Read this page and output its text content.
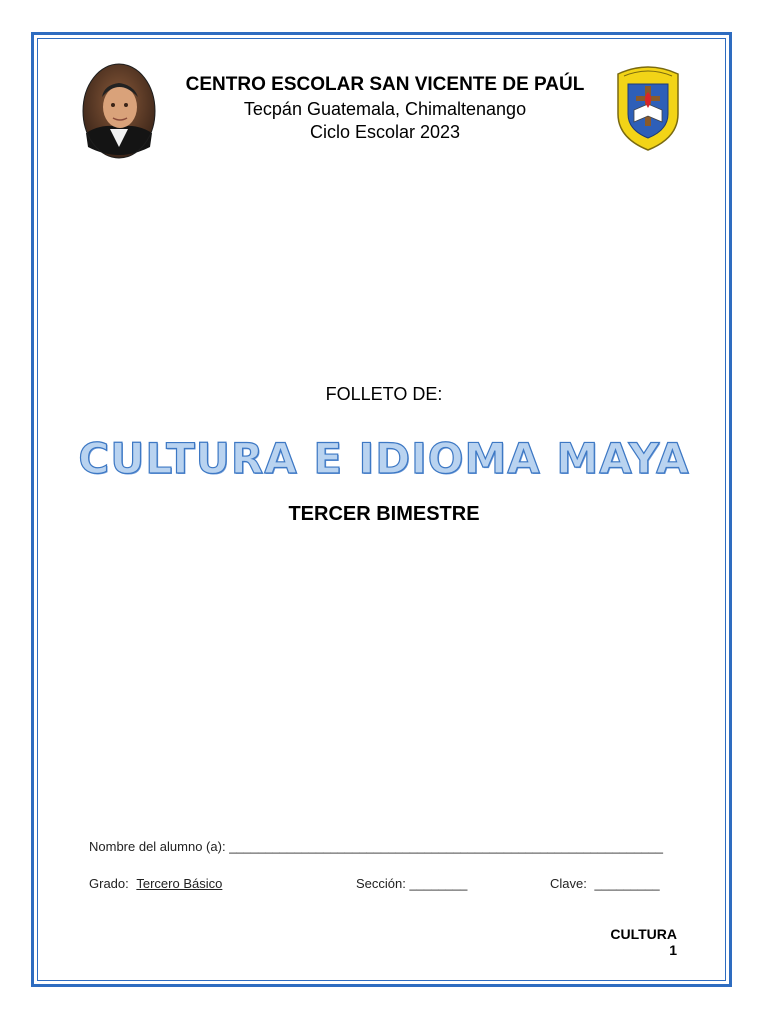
CENTRO ESCOLAR SAN VICENTE DE PAÚL
Tecpán Guatemala, Chimaltenango
Ciclo Escolar 2023
FOLLETO DE:
CULTURA E IDIOMA MAYA
TERCER BIMESTRE
Nombre del alumno (a): ____________________________________________________________
Grado: Tercero Básico	Sección: ________	Clave: _________
CULTURA
1
